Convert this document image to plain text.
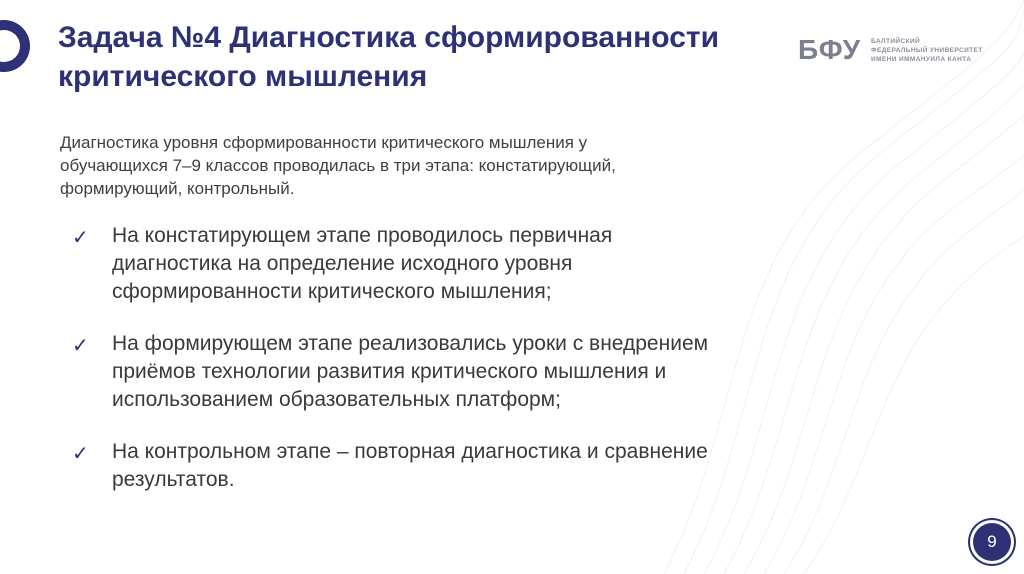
Задача №4 Диагностика сформированности
критического мышления
БФУ БАЛТИЙСКИЙ
ФЕДЕРАЛЬНЫЙ УНИВЕРСИТЕТ
ИМЕНИ ИММАНУИЛА КАНТА
Диагностика уровня сформированности критического мышления у
обучающихся 7–9 классов проводилась в три этапа: констатирующий,
формирующий, контрольный.
✓ На констатирующем этапе проводилось первичная
диагностика на определение исходного уровня
сформированности критического мышления;
✓ На формирующем этапе реализовались уроки с внедрением
приёмов технологии развития критического мышления и
использованием образовательных платформ;
✓ На контрольном этапе – повторная диагностика и сравнение
результатов.
9
